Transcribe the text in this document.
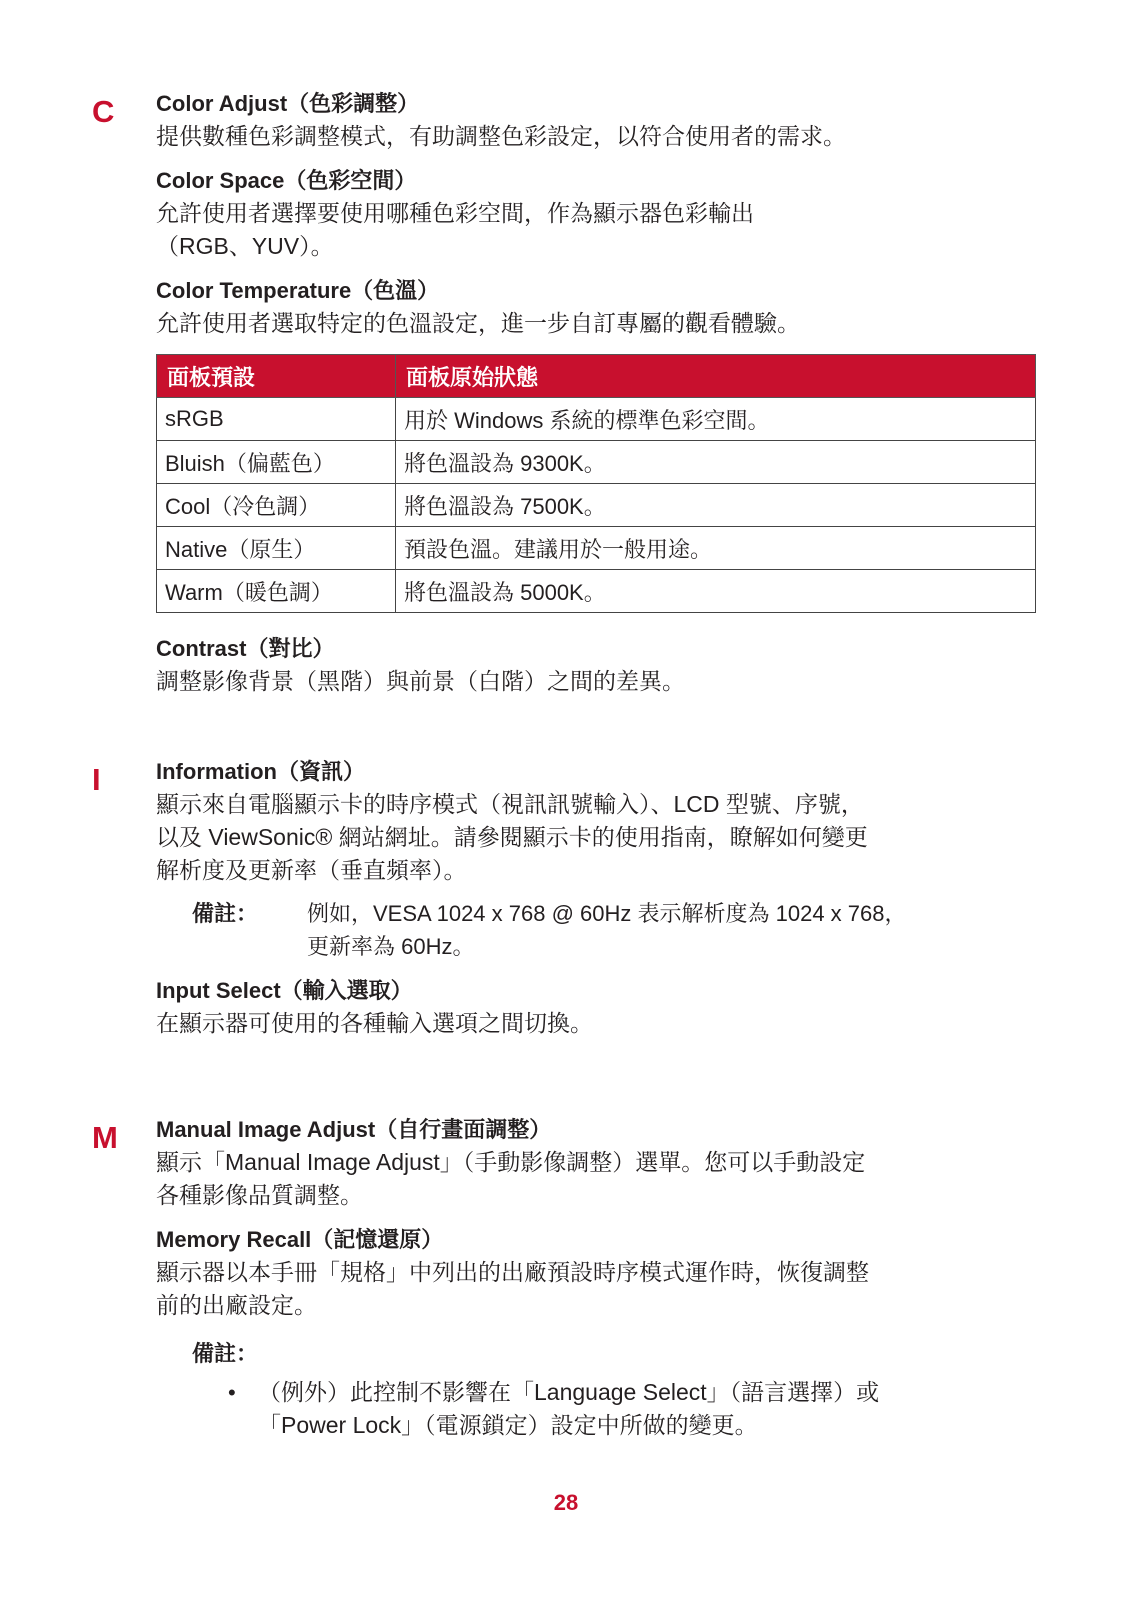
C Color Adjust（色彩調整）

提供數種色彩調整模式，有助調整色彩設定，以符合使用者的需求。

Color Space（色彩空間）

允許使用者選擇要使用哪種色彩空間，作為顯示器色彩輸出

（RGB、YUV）。

Color Temperature（色溫）

允許使用者選取特定的色溫設定，進一步自訂專屬的觀看體驗。

面板預設	面板原始狀態
sRGB	用於 Windows 系統的標準色彩空間。
Bluish（偏藍色）	將色溫設為 9300K。
Cool（冷色調）	將色溫設為 7500K。
Native（原生）	預設色溫。建議用於一般用途。
Warm（暖色調）	將色溫設為 5000K。

Contrast（對比）

調整影像背景（黑階）與前景（白階）之間的差異。

I	Information（資訊）

顯示來自電腦顯示卡的時序模式（視訊訊號輸入）、LCD 型號、序號，

以及 ViewSonic® 網站網址。請參閱顯示卡的使用指南，瞭解如何變更

解析度及更新率（垂直頻率）。

備註： 例如，VESA 1024 x 768 @ 60Hz 表示解析度為 1024 x 768，

更新率為 60Hz。

Input Select（輸入選取）

在顯示器可使用的各種輸入選項之間切換。

M Manual Image Adjust（自行畫面調整）

顯示「Manual Image Adjust」（手動影像調整）選單。您可以手動設定

各種影像品質調整。

Memory Recall（記憶還原）

顯示器以本手冊「規格」中列出的出廠預設時序模式運作時，恢復調整

前的出廠設定。

備註：

• （例外）此控制不影響在「Language Select」（語言選擇）或

「Power Lock」（電源鎖定）設定中所做的變更。

28
